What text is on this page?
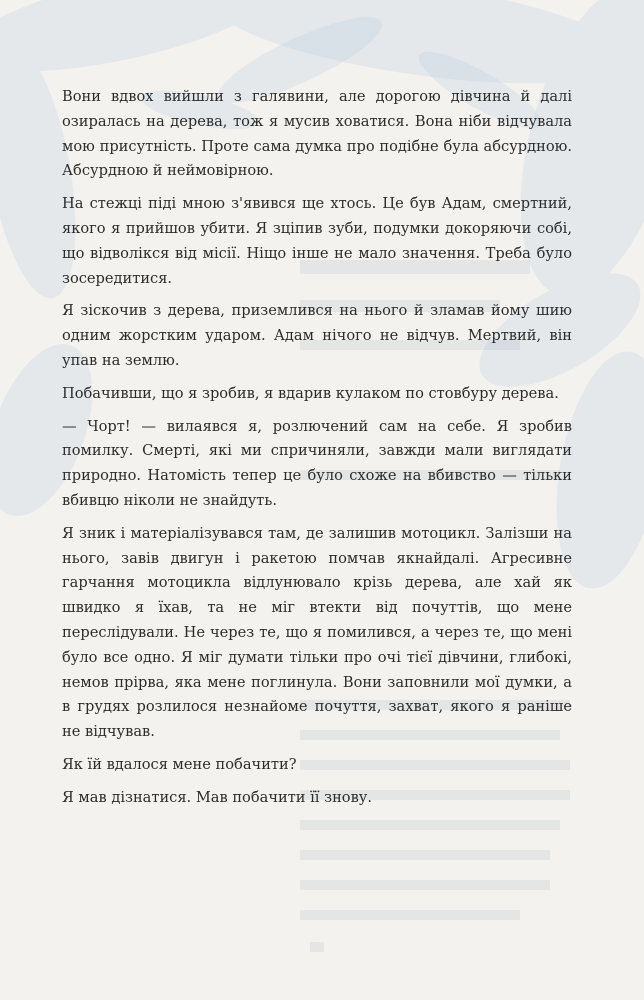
Вони вдвох вийшли з галявини, але дорогою дівчина й далі озиралась на дерева, тож я мусив ховатися. Вона ніби відчувала мою присутність. Проте сама думка про подібне була абсурдною. Абсурдною й неймовірною.

На стежці піді мною з'явився ще хтось. Це був Адам, смертний, якого я прийшов убити. Я зціпив зуби, подумки докоряючи собі, що відволікся від місії. Ніщо інше не мало значення. Треба було зосередитися.

Я зіскочив з дерева, приземлився на нього й зламав йому шию одним жорстким ударом. Адам нічого не відчув. Мертвий, він упав на землю.

Побачивши, що я зробив, я вдарив кулаком по стовбуру дерева.

— Чорт! — вилаявся я, розлючений сам на себе. Я зробив помилку. Смерті, які ми спричиняли, завжди мали виглядати природно. Натомість тепер це було схоже на вбивство — тільки вбивцю ніколи не знайдуть.

Я зник і матеріалізувався там, де залишив мотоцикл. Залізши на нього, завів двигун і ракетою помчав якнайдалі. Агресивне гарчання мотоцикла відлунювало крізь дерева, але хай як швидко я їхав, та не міг втекти від почуттів, що мене переслідували. Не через те, що я помилився, а через те, що мені було все одно. Я міг думати тільки про очі тієї дівчини, глибокі, немов прірва, яка мене поглинула. Вони заповнили мої думки, а в грудях розлилося незнайоме почуття, захват, якого я раніше не відчував.

Як їй вдалося мене побачити?

Я мав дізнатися. Мав побачити її знову.
